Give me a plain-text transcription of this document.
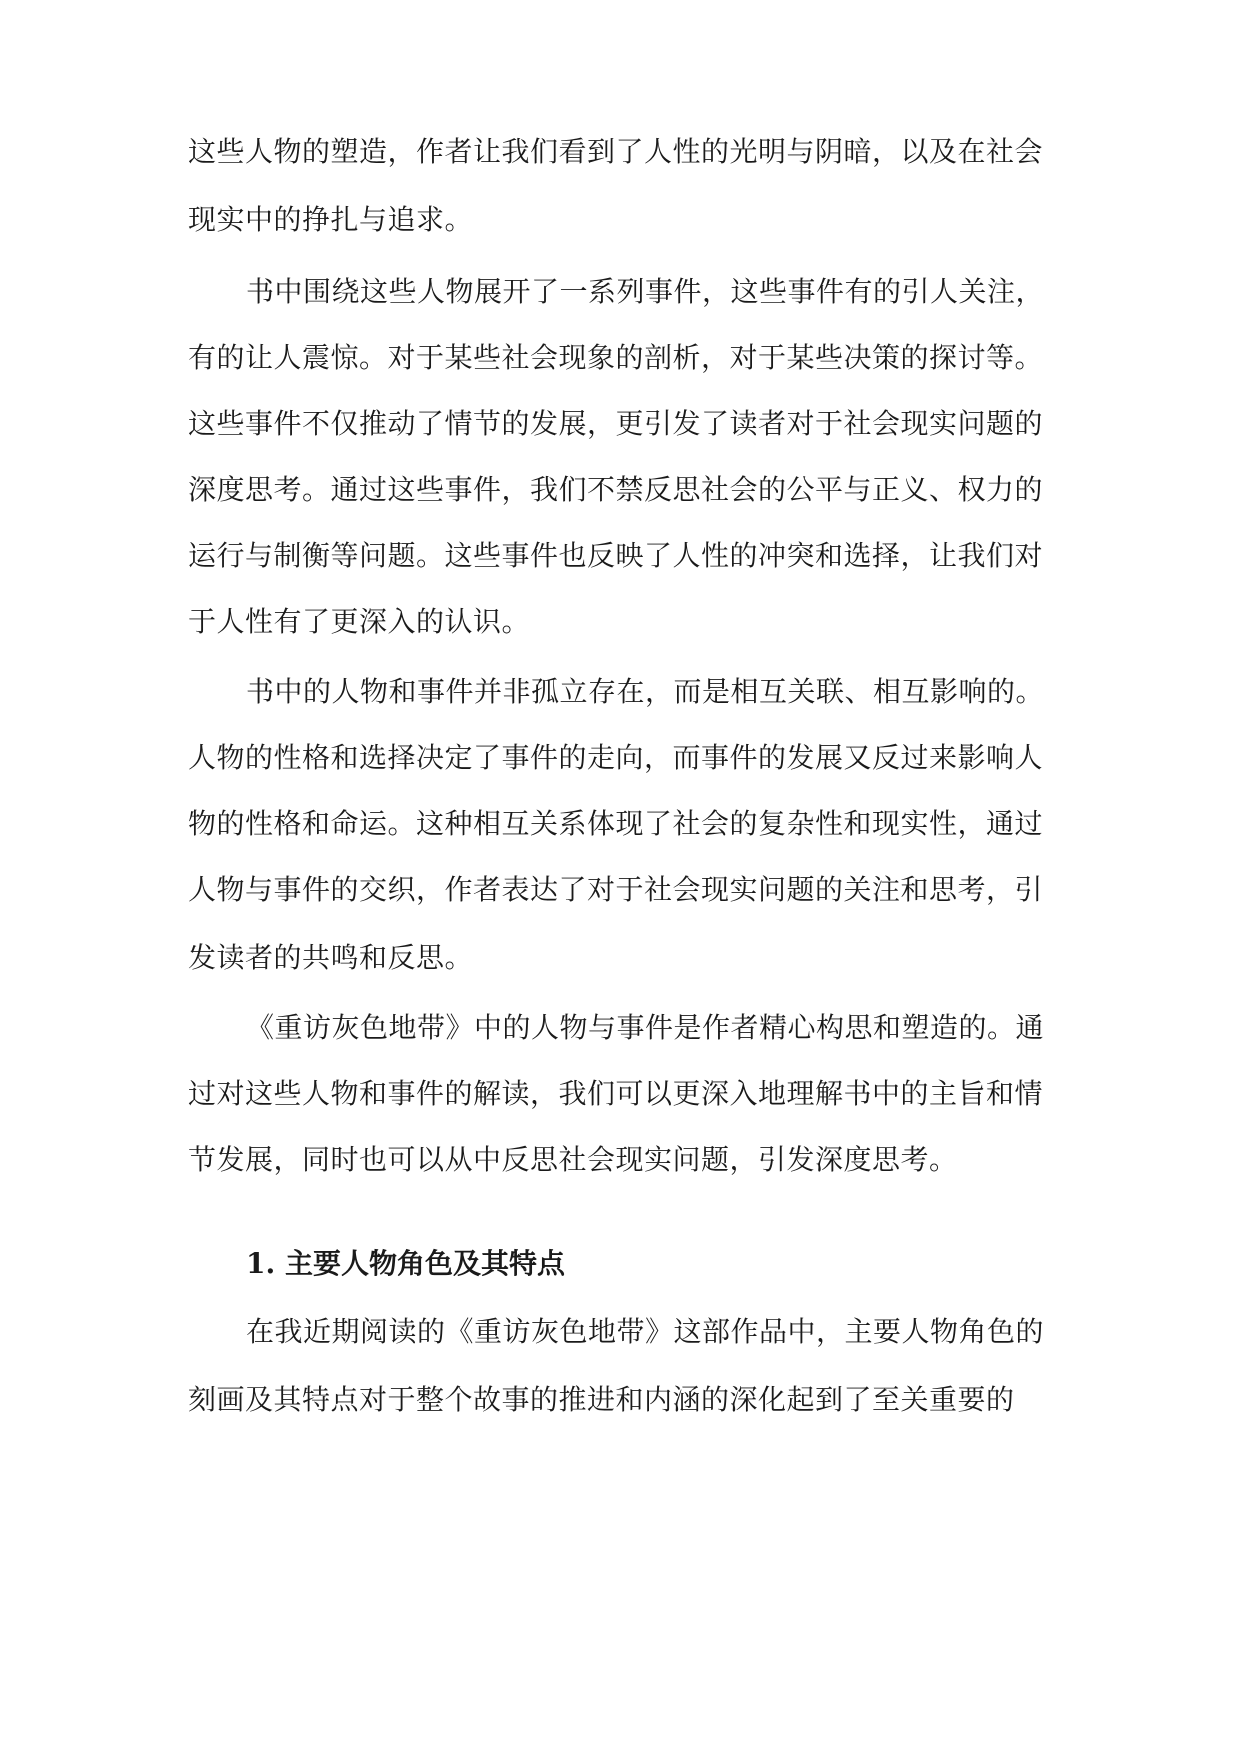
这些人物的塑造，作者让我们看到了人性的光明与阴暗，以及在社会
现实中的挣扎与追求。
书中围绕这些人物展开了一系列事件，这些事件有的引人关注，
有的让人震惊。对于某些社会现象的剖析，对于某些决策的探讨等。
这些事件不仅推动了情节的发展，更引发了读者对于社会现实问题的
深度思考。通过这些事件，我们不禁反思社会的公平与正义、权力的
运行与制衡等问题。这些事件也反映了人性的冲突和选择，让我们对
于人性有了更深入的认识。
书中的人物和事件并非孤立存在，而是相互关联、相互影响的。
人物的性格和选择决定了事件的走向，而事件的发展又反过来影响人
物的性格和命运。这种相互关系体现了社会的复杂性和现实性，通过
人物与事件的交织，作者表达了对于社会现实问题的关注和思考，引
发读者的共鸣和反思。
《重访灰色地带》中的人物与事件是作者精心构思和塑造的。通
过对这些人物和事件的解读，我们可以更深入地理解书中的主旨和情
节发展，同时也可以从中反思社会现实问题，引发深度思考。
1. 主要人物角色及其特点
在我近期阅读的《重访灰色地带》这部作品中，主要人物角色的
刻画及其特点对于整个故事的推进和内涵的深化起到了至关重要的
